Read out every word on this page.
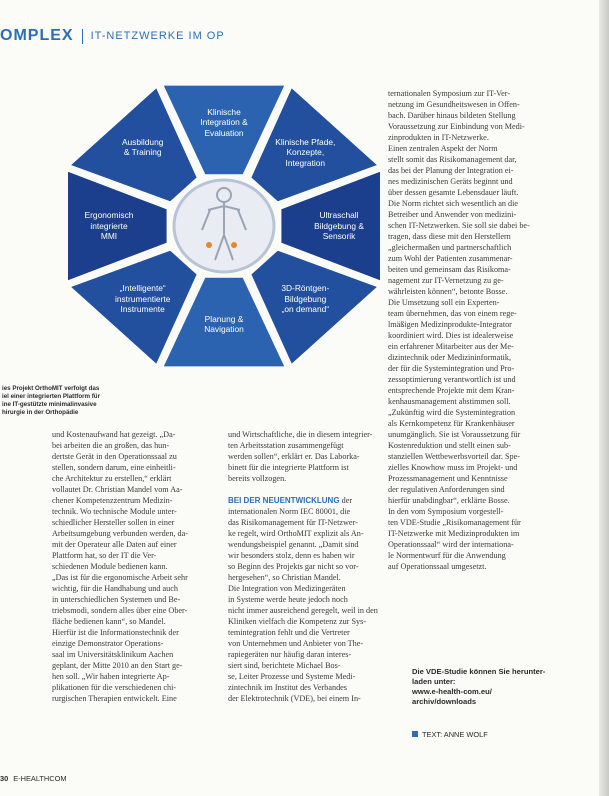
OMPLEX IT-NETZWERKE IM OP
Klinische
Integration &
Evaluation
Klinische Pfade,
Konzepte,
Integration
Ultraschall
Bildgebung &
Sensorik
3D-Röntgen-
Bildgebung
„on demand“
Planung &
Navigation
„Intelligente“
instrumentierte
Instrumente
Ergonomisch
integrierte
MMI
Ausbildung
& Training
ies Projekt OrthoMIT verfolgt das
iel einer integrierten Plattform für
ine IT-gestützte minimalinvasive
hirurgie in der Orthopädie
und Kostenaufwand hat gezeigt. „Da-
bei arbeiten die an großen, das hun-
dertste Gerät in den Operationssaal zu
stellen, sondern darum, eine einheitli-
che Architektur zu erstellen,“ erklärt
vollautet Dr. Christian Mandel vom Aa-
chener Kompetenzzentrum Medizin-
technik. Wo technische Module unter-
schiedlicher Hersteller sollen in einer
Arbeitsumgebung verbunden werden, da-
mit der Operateur alle Daten auf einer
Plattform hat, so der IT die Ver-
schiedenen Module bedienen kann.
„Das ist für die ergonomische Arbeit sehr
wichtig, für die Handhabung und auch
in unterschiedlichen Systemen und Be-
triebsmodi, sondern alles über eine Ober-
fläche bedienen kann“, so Mandel.
Hierfür ist die Informationstechnik der
einzige Demonstrator Operations-
saal im Universitätsklinikum Aachen
geplant, der Mitte 2010 an den Start ge-
hen soll. „Wir haben integrierte Ap-
plikationen für die verschiedenen chi-
rurgischen Therapien entwickelt. Eine
und Wirtschaftliche, die in diesem integrier-
ten Arbeitsstation zusammengefügt
werden sollen“, erklärt er. Das Laborka-
binett für die integrierte Plattform ist
bereits vollzogen.

BEI DER NEUENTWICKLUNG der
internationalen Norm IEC 80001, die
das Risikomanagement für IT-Netzwer-
ke regelt, wird OrthoMIT explizit als An-
wendungsbeispiel genannt. „Damit sind
wir besonders stolz, denn es haben wir
so Beginn des Projekts gar nicht so vor-
hergesehen“, so Christian Mandel.
Die Integration von Medizingeräten
in Systeme werde heute jedoch noch
nicht immer ausreichend geregelt, weil in den
Kliniken vielfach die Kompetenz zur Sys-
temintegration fehlt und die Vertreter
von Unternehmen und Anbieter von The-
rapiegeräten nur häufig daran interes-
siert sind, berichtete Michael Bos-
se, Leiter Prozesse und Systeme Medi-
zintechnik im Institut des Verbandes
der Elektrotechnik (VDE), bei einem In-
ternationalen Symposium zur IT-Ver-
netzung im Gesundheitswesen in Offen-
bach. Darüber hinaus bildeten Stellung
Voraussetzung zur Einbindung von Medi-
zinprodukten in IT-Netzwerke.
Einen zentralen Aspekt der Norm
stellt somit das Risikomanagement dar,
das bei der Planung der Integration ei-
nes medizinischen Geräts beginnt und
über dessen gesamte Lebensdauer läuft.
Die Norm richtet sich wesentlich an die
Betreiber und Anwender von medizini-
schen IT-Netzwerken. Sie soll sie dabei be-
tragen, dass diese mit den Herstellern
„gleichermaßen und partnerschaftlich
zum Wohl der Patienten zusammenar-
beiten und gemeinsam das Risikoma-
nagement zur IT-Vernetzung zu ge-
währleisten können“, betonte Bosse.
Die Umsetzung soll ein Experten-
team übernehmen, das von einem rege-
lmäßigen Medizinprodukte-Integrator
koordiniert wird. Dies ist idealerweise
ein erfahrener Mitarbeiter aus der Me-
dizintechnik oder Medizininformatik,
der für die Systemintegration und Pro-
zessoptimierung verantwortlich ist und
entsprechende Projekte mit dem Kran-
kenhausmanagement abstimmen soll.
„Zukünftig wird die Systemintegration
als Kernkompetenz für Krankenhäuser
unumgänglich. Sie ist Voraussetzung für
Kostenreduktion und stellt einen sub-
stanziellen Wettbewerbsvorteil dar. Spe-
zielles Knowhow muss im Projekt- und
Prozessmanagement und Kenntnisse
der regulativen Anforderungen sind
hierfür unabdingbar“, erklärte Bosse.
In den vom Symposium vorgestell-
ten VDE-Studie „Risikomanagement für
IT-Netzwerke mit Medizinprodukten im
Operationssaal“ wird der internationa-
le Normentwurf für die Anwendung
auf Operationssaal umgesetzt.
Die VDE-Studie können Sie herunter-
laden unter:
www.e-health-com.eu/
archiv/downloads
TEXT: ANNE WOLF
30 E-HEALTHCOM
